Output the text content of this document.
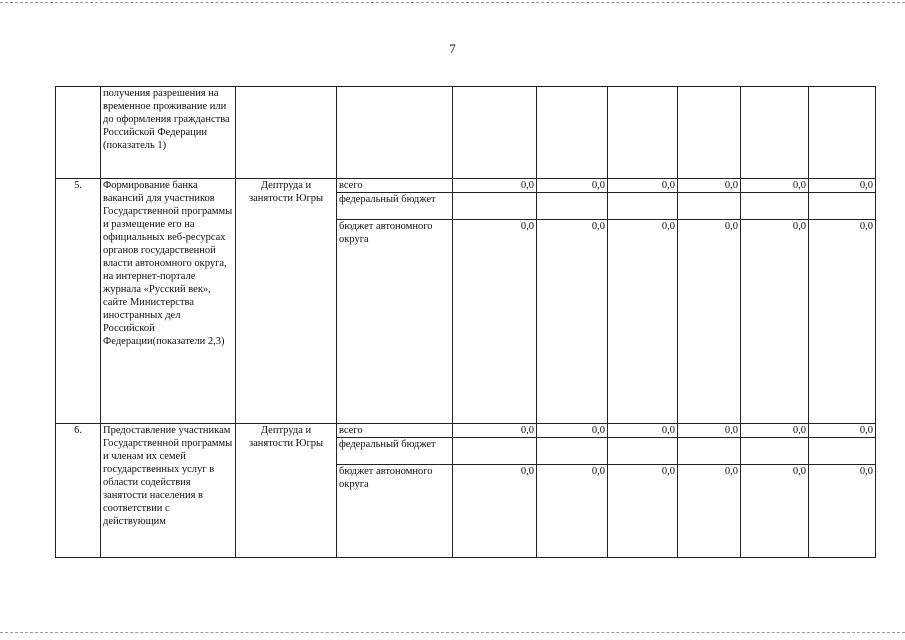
7

	получения разрешения на временное проживание или до оформления гражданства Российской Федерации (показатель 1)								

5.	Формирование банка вакансий для участников Государственной программы и размещение его на официальных веб-ресурсах органов государственной власти автономного округа, на интернет-портале журнала «Русский век», сайте Министерства иностранных дел Российской Федерации(показатели 2,3)	Дептруда и занятости Югры	всего	0,0	0,0	0,0	0,0	0,0	0,0
			федеральный бюджет						
			бюджет автономного округа	0,0	0,0	0,0	0,0	0,0	0,0
6.	Предоставление участникам Государственной программы и членам их семей государственных услуг в области содействия занятости населения в соответствии с действующим	Дептруда и занятости Югры	всего	0,0	0,0	0,0	0,0	0,0	0,0
			федеральный бюджет						
			бюджет автономного округа	0,0	0,0	0,0	0,0	0,0	0,0
